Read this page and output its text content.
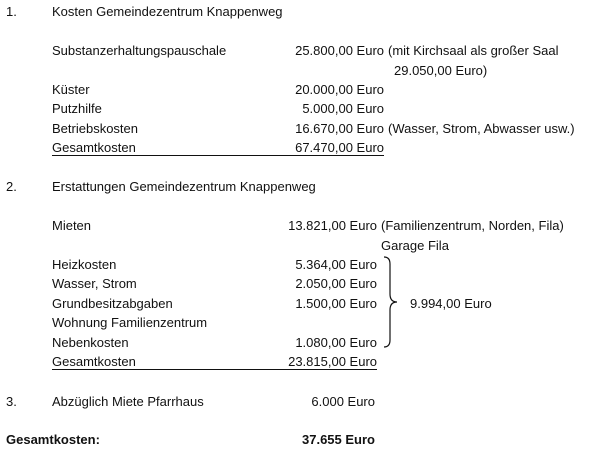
1.	Kosten Gemeindezentrum Knappenweg
Substanzerhaltungspauschale	25.800,00 Euro (mit Kirchsaal als großer Saal
29.050,00 Euro)
Küster	20.000,00 Euro
Putzhilfe	5.000,00 Euro
Betriebskosten	16.670,00 Euro (Wasser, Strom, Abwasser usw.)
Gesamtkosten	67.470,00 Euro
2.	Erstattungen Gemeindezentrum Knappenweg
Mieten	13.821,00 Euro (Familienzentrum, Norden, Fila)
Garage Fila
Heizkosten	5.364,00 Euro
Wasser, Strom	2.050,00 Euro
Grundbesitzabgaben	1.500,00 Euro
Wohnung Familienzentrum
Nebenkosten	1.080,00 Euro
9.994,00 Euro
Gesamtkosten	23.815,00 Euro
3.	Abzüglich Miete Pfarrhaus	6.000 Euro
Gesamtkosten:	37.655 Euro
